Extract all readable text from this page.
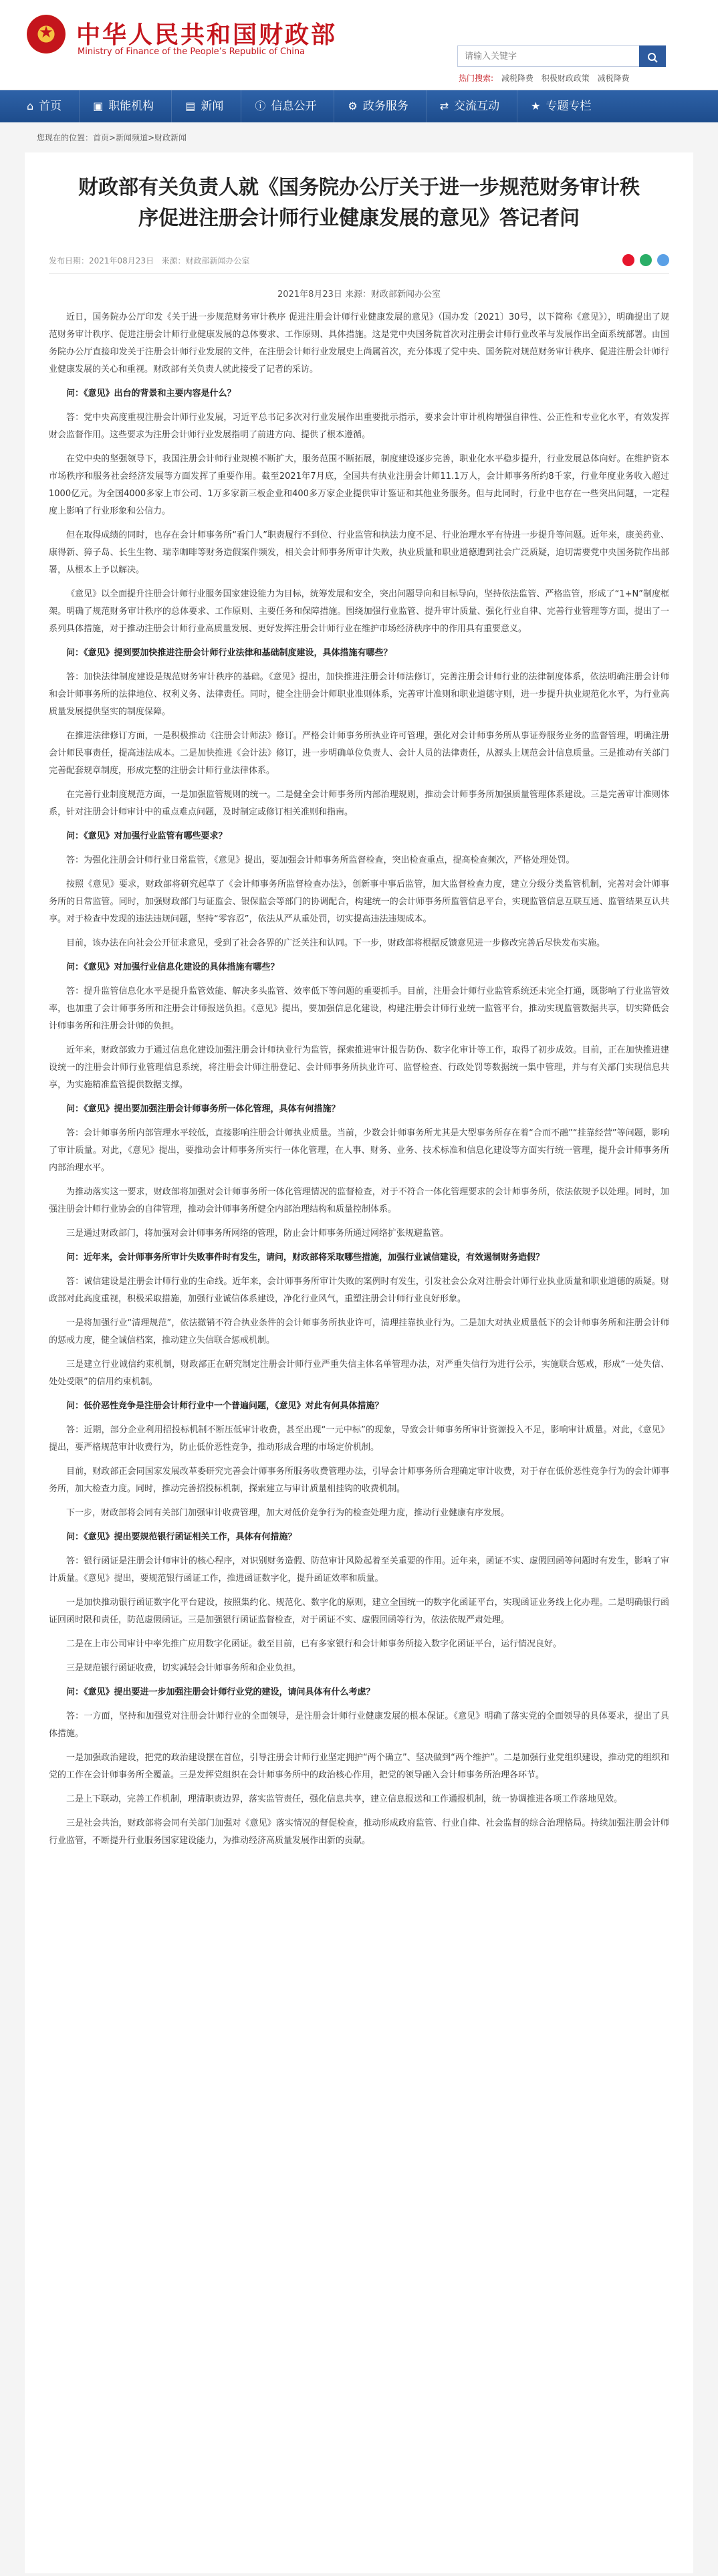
★
中华人民共和国财政部
Ministry of Finance of the People’s Republic of China
请输入关键字
热门搜索: 减税降费 积极财政政策 减税降费
⌂ 首页	▣ 职能机构	▤ 新闻	ⓘ 信息公开	⚙ 政务服务	⇄ 交流互动	★ 专题专栏
您现在的位置：首页>新闻频道>财政新闻
财政部有关负责人就《国务院办公厅关于进一步规范财务审计秩序促进注册会计师行业健康发展的意见》答记者问
发布日期：2021年08月23日 来源：财政部新闻办公室
2021年8月23日 来源：财政部新闻办公室

近日，国务院办公厅印发《关于进一步规范财务审计秩序 促进注册会计师行业健康发展的意见》（国办发〔2021〕30号，以下简称《意见》），明确提出了规范财务审计秩序、促进注册会计师行业健康发展的总体要求、工作原则、具体措施。这是党中央国务院首次对注册会计师行业改革与发展作出全面系统部署。由国务院办公厅直接印发关于注册会计师行业发展的文件，在注册会计师行业发展史上尚属首次，充分体现了党中央、国务院对规范财务审计秩序、促进注册会计师行业健康发展的关心和重视。财政部有关负责人就此接受了记者的采访。

问：《意见》出台的背景和主要内容是什么？

答：党中央高度重视注册会计师行业发展，习近平总书记多次对行业发展作出重要批示指示，要求会计审计机构增强自律性、公正性和专业化水平，有效发挥财会监督作用。这些要求为注册会计师行业发展指明了前进方向、提供了根本遵循。

在党中央的坚强领导下，我国注册会计师行业规模不断扩大，服务范围不断拓展，制度建设逐步完善，职业化水平稳步提升，行业发展总体向好。在维护资本市场秩序和服务社会经济发展等方面发挥了重要作用。截至2021年7月底，全国共有执业注册会计师11.1万人，会计师事务所约8千家，行业年度业务收入超过1000亿元。为全国4000多家上市公司、1万多家新三板企业和400多万家企业提供审计鉴证和其他业务服务。但与此同时，行业中也存在一些突出问题，一定程度上影响了行业形象和公信力。

但在取得成绩的同时，也存在会计师事务所“看门人”职责履行不到位、行业监管和执法力度不足、行业治理水平有待进一步提升等问题。近年来，康美药业、康得新、獐子岛、长生生物、瑞幸咖啡等财务造假案件频发，相关会计师事务所审计失败，执业质量和职业道德遭到社会广泛质疑，迫切需要党中央国务院作出部署，从根本上予以解决。

《意见》以全面提升注册会计师行业服务国家建设能力为目标，统筹发展和安全，突出问题导向和目标导向，坚持依法监管、严格监管，形成了“1+N”制度框架。明确了规范财务审计秩序的总体要求、工作原则、主要任务和保障措施。围绕加强行业监管、提升审计质量、强化行业自律、完善行业管理等方面，提出了一系列具体措施，对于推动注册会计师行业高质量发展、更好发挥注册会计师行业在维护市场经济秩序中的作用具有重要意义。

问：《意见》提到要加快推进注册会计师行业法律和基础制度建设，具体措施有哪些？

答：加快法律制度建设是规范财务审计秩序的基础。《意见》提出，加快推进注册会计师法修订，完善注册会计师行业的法律制度体系，依法明确注册会计师和会计师事务所的法律地位、权利义务、法律责任。同时，健全注册会计师职业准则体系，完善审计准则和职业道德守则，进一步提升执业规范化水平，为行业高质量发展提供坚实的制度保障。

在推进法律修订方面，一是积极推动《注册会计师法》修订。严格会计师事务所执业许可管理，强化对会计师事务所从事证券服务业务的监督管理，明确注册会计师民事责任，提高违法成本。二是加快推进《会计法》修订，进一步明确单位负责人、会计人员的法律责任，从源头上规范会计信息质量。三是推动有关部门完善配套规章制度，形成完整的注册会计师行业法律体系。

在完善行业制度规范方面，一是加强监管规则的统一。二是健全会计师事务所内部治理规则，推动会计师事务所加强质量管理体系建设。三是完善审计准则体系，针对注册会计师审计中的重点难点问题，及时制定或修订相关准则和指南。

问：《意见》对加强行业监管有哪些要求？

答：为强化注册会计师行业日常监管，《意见》提出，要加强会计师事务所监督检查，突出检查重点，提高检查频次，严格处理处罚。

按照《意见》要求，财政部将研究起草了《会计师事务所监督检查办法》，创新事中事后监管，加大监督检查力度，建立分级分类监管机制，完善对会计师事务所的日常监管。同时，加强财政部门与证监会、银保监会等部门的协调配合，构建统一的会计师事务所监管信息平台，实现监管信息互联互通、监管结果互认共享。对于检查中发现的违法违规问题，坚持“零容忍”，依法从严从重处罚，切实提高违法违规成本。

目前，该办法在向社会公开征求意见，受到了社会各界的广泛关注和认同。下一步，财政部将根据反馈意见进一步修改完善后尽快发布实施。

问：《意见》对加强行业信息化建设的具体措施有哪些？

答：提升监管信息化水平是提升监管效能、解决多头监管、效率低下等问题的重要抓手。目前，注册会计师行业监管系统还未完全打通，既影响了行业监管效率，也加重了会计师事务所和注册会计师报送负担。《意见》提出，要加强信息化建设，构建注册会计师行业统一监管平台，推动实现监管数据共享，切实降低会计师事务所和注册会计师的负担。

近年来，财政部致力于通过信息化建设加强注册会计师执业行为监管，探索推进审计报告防伪、数字化审计等工作，取得了初步成效。目前，正在加快推进建设统一的注册会计师行业管理信息系统，将注册会计师注册登记、会计师事务所执业许可、监督检查、行政处罚等数据统一集中管理，并与有关部门实现信息共享，为实施精准监管提供数据支撑。

问：《意见》提出要加强注册会计师事务所一体化管理，具体有何措施？

答：会计师事务所内部管理水平较低，直接影响注册会计师执业质量。当前，少数会计师事务所尤其是大型事务所存在着“合而不融”“挂靠经营”等问题，影响了审计质量。对此，《意见》提出，要推动会计师事务所实行一体化管理，在人事、财务、业务、技术标准和信息化建设等方面实行统一管理，提升会计师事务所内部治理水平。

为推动落实这一要求，财政部将加强对会计师事务所一体化管理情况的监督检查，对于不符合一体化管理要求的会计师事务所，依法依规予以处理。同时，加强注册会计师行业协会的自律管理，推动会计师事务所健全内部治理结构和质量控制体系。

三是通过财政部门，将加强对会计师事务所网络的管理，防止会计师事务所通过网络扩张规避监管。

问：近年来，会计师事务所审计失败事件时有发生，请问，财政部将采取哪些措施，加强行业诚信建设，有效遏制财务造假？

答：诚信建设是注册会计师行业的生命线。近年来，会计师事务所审计失败的案例时有发生，引发社会公众对注册会计师行业执业质量和职业道德的质疑。财政部对此高度重视，积极采取措施，加强行业诚信体系建设，净化行业风气，重塑注册会计师行业良好形象。

一是将加强行业“清理规范”，依法撤销不符合执业条件的会计师事务所执业许可，清理挂靠执业行为。二是加大对执业质量低下的会计师事务所和注册会计师的惩戒力度，健全诚信档案，推动建立失信联合惩戒机制。

三是建立行业诚信约束机制，财政部正在研究制定注册会计师行业严重失信主体名单管理办法，对严重失信行为进行公示，实施联合惩戒，形成“一处失信、处处受限”的信用约束机制。

问：低价恶性竞争是注册会计师行业中一个普遍问题，《意见》对此有何具体措施？

答：近期，部分企业利用招投标机制不断压低审计收费，甚至出现“一元中标”的现象，导致会计师事务所审计资源投入不足，影响审计质量。对此，《意见》提出，要严格规范审计收费行为，防止低价恶性竞争，推动形成合理的市场定价机制。

目前，财政部正会同国家发展改革委研究完善会计师事务所服务收费管理办法，引导会计师事务所合理确定审计收费，对于存在低价恶性竞争行为的会计师事务所，加大检查力度。同时，推动完善招投标机制，探索建立与审计质量相挂钩的收费机制。

下一步，财政部将会同有关部门加强审计收费管理，加大对低价竞争行为的检查处理力度，推动行业健康有序发展。

问：《意见》提出要规范银行函证相关工作，具体有何措施？

答：银行函证是注册会计师审计的核心程序，对识别财务造假、防范审计风险起着至关重要的作用。近年来，函证不实、虚假回函等问题时有发生，影响了审计质量。《意见》提出，要规范银行函证工作，推进函证数字化，提升函证效率和质量。

一是加快推动银行函证数字化平台建设，按照集约化、规范化、数字化的原则，建立全国统一的数字化函证平台，实现函证业务线上化办理。二是明确银行函证回函时限和责任，防范虚假函证。三是加强银行函证监督检查，对于函证不实、虚假回函等行为，依法依规严肃处理。

二是在上市公司审计中率先推广应用数字化函证。截至目前，已有多家银行和会计师事务所接入数字化函证平台，运行情况良好。

三是规范银行函证收费，切实减轻会计师事务所和企业负担。

问：《意见》提出要进一步加强注册会计师行业党的建设，请问具体有什么考虑？

答：一方面，坚持和加强党对注册会计师行业的全面领导，是注册会计师行业健康发展的根本保证。《意见》明确了落实党的全面领导的具体要求，提出了具体措施。

一是加强政治建设，把党的政治建设摆在首位，引导注册会计师行业坚定拥护“两个确立”、坚决做到“两个维护”。二是加强行业党组织建设，推动党的组织和党的工作在会计师事务所全覆盖。三是发挥党组织在会计师事务所中的政治核心作用，把党的领导融入会计师事务所治理各环节。

二是上下联动，完善工作机制，理清职责边界，落实监管责任，强化信息共享，建立信息报送和工作通报机制，统一协调推进各项工作落地见效。

三是社会共治，财政部将会同有关部门加强对《意见》落实情况的督促检查，推动形成政府监管、行业自律、社会监督的综合治理格局。持续加强注册会计师行业监管，不断提升行业服务国家建设能力，为推动经济高质量发展作出新的贡献。
